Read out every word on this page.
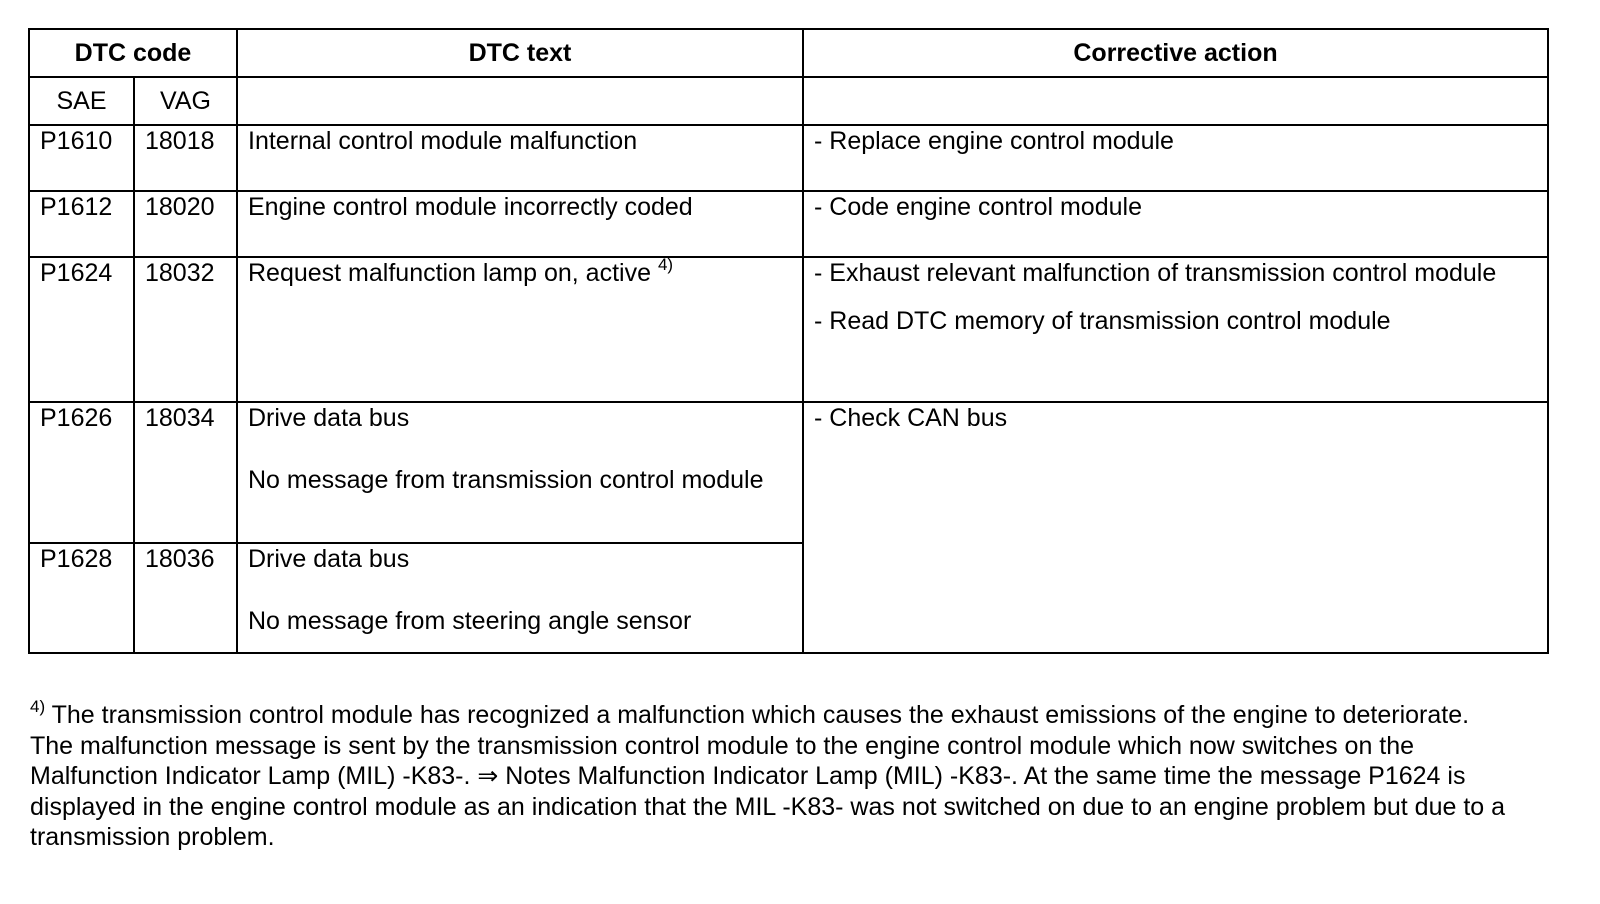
DTC code		DTC text	Corrective action
SAE	VAG		
P1610	18018	Internal control module malfunction	- Replace engine control module

P1612	18020	Engine control module incorrectly coded	- Code engine control module

P1624	18032	Request malfunction lamp on, active $^{4)}$	- Exhaust relevant malfunction of transmission control module

- Read DTC memory of transmission control module

P1626	18034	Drive data bus

No message from transmission control module	- Check CAN bus

P1628	18036	Drive data bus

No message from steering angle sensor	

$^{4)}$ The transmission control module has recognized a malfunction which causes the exhaust emissions of the engine to deteriorate. The malfunction message is sent by the transmission control module to the engine control module which now switches on the Malfunction Indicator Lamp (MIL) -K83-. ⇒ Notes Malfunction Indicator Lamp (MIL) -K83-. At the same time the message P1624 is displayed in the engine control module as an indication that the MIL -K83- was not switched on due to an engine problem but due to a transmission problem.
